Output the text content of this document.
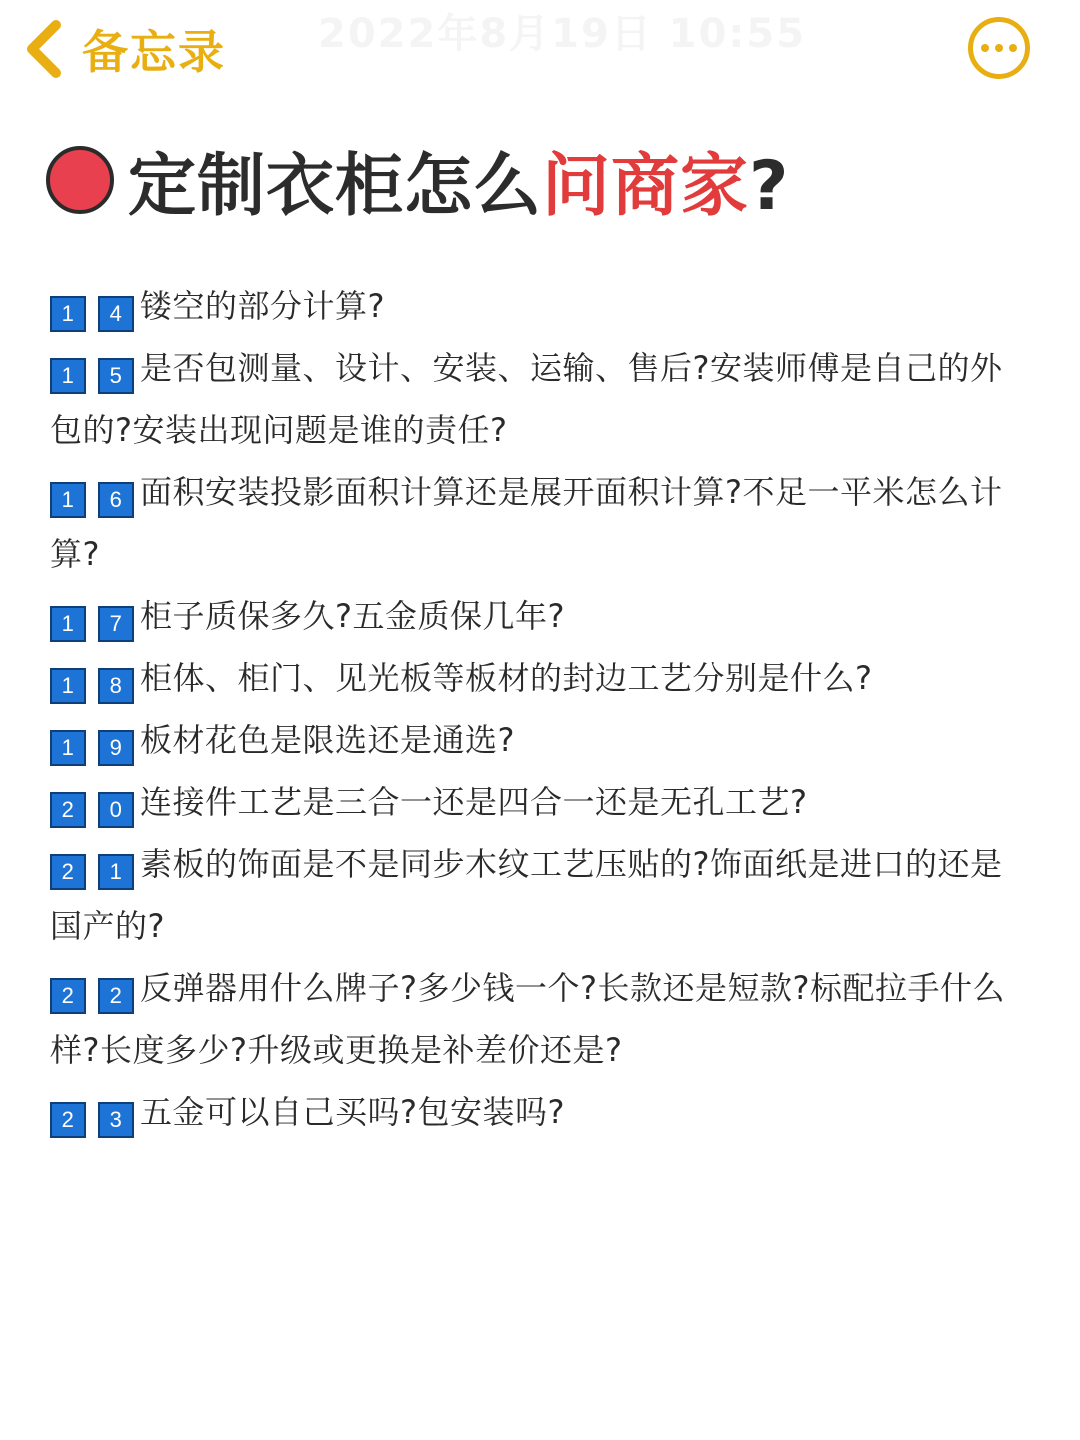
备忘录 2022年8月19日 10:55
定制衣柜怎么问商家?
1 4 镂空的部分计算?
1 5 是否包测量、设计、安装、运输、售后?安装师傅是自己的外包的?安装出现问题是谁的责任?
1 6 面积安装投影面积计算还是展开面积计算?不足一平米怎么计算?
1 7 柜子质保多久?五金质保几年?
1 8 柜体、柜门、见光板等板材的封边工艺分别是什么?
1 9 板材花色是限选还是通选?
2 0 连接件工艺是三合一还是四合一还是无孔工艺?
2 1 素板的饰面是不是同步木纹工艺压贴的?饰面纸是进口的还是国产的?
2 2 反弹器用什么牌子?多少钱一个?长款还是短款?标配拉手什么样?长度多少?升级或更换是补差价还是?
2 3 五金可以自己买吗?包安装吗?
